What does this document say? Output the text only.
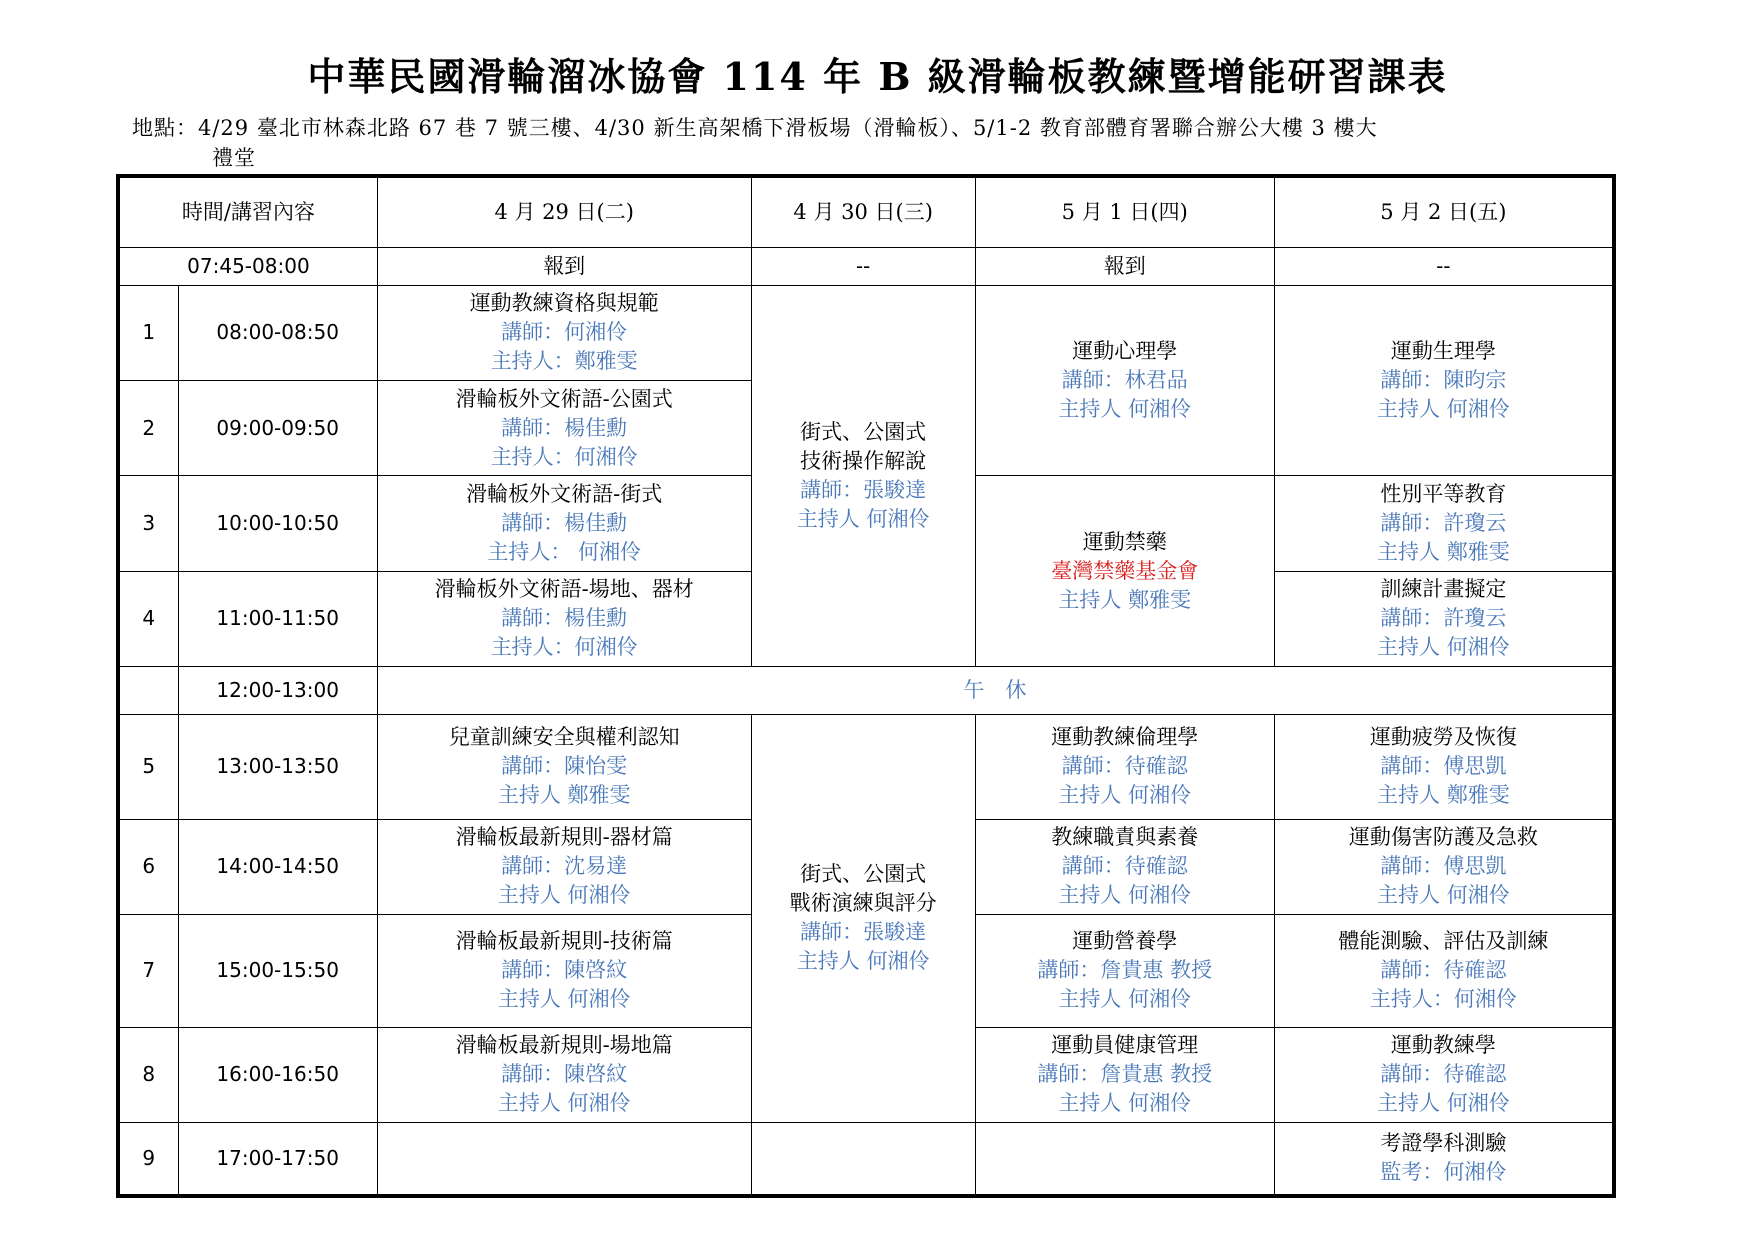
中華民國滑輪溜冰協會 114 年 B 級滑輪板教練暨增能研習課表
地點：4/29 臺北市林森北路 67 巷 7 號三樓、4/30 新生高架橋下滑板場（滑輪板）、5/1-2 教育部體育署聯合辦公大樓 3 樓大
禮堂
時間/講習內容		4 月 29 日(二)	4 月 30 日(三)	5 月 1 日(四)	5 月 2 日(五)
07:45-08:00		報到	--	報到	--
1	08:00-08:50	運動教練資格與規範
講師：何湘伶
主持人：鄭雅雯	街式、公園式
技術操作解說
講師：張駿達
主持人 何湘伶	運動心理學
講師：林君品
主持人 何湘伶	運動生理學
講師：陳昀宗
主持人 何湘伶

2	09:00-09:50	滑輪板外文術語-公園式
講師：楊佳勳
主持人：何湘伶			

3	10:00-10:50	滑輪板外文術語-街式
講師：楊佳勳
主持人： 何湘伶		運動禁藥
臺灣禁藥基金會
主持人 鄭雅雯	性別平等教育
講師：許瓊云
主持人 鄭雅雯

4	11:00-11:50	滑輪板外文術語-場地、器材
講師：楊佳勳
主持人：何湘伶			訓練計畫擬定
講師：許瓊云
主持人 何湘伶

	12:00-13:00	午　休			
5	13:00-13:50	兒童訓練安全與權利認知
講師：陳怡雯
主持人 鄭雅雯	街式、公園式
戰術演練與評分
講師：張駿達
主持人 何湘伶	運動教練倫理學
講師：待確認
主持人 何湘伶	運動疲勞及恢復
講師：傅思凱
主持人 鄭雅雯

6	14:00-14:50	滑輪板最新規則-器材篇
講師：沈易達
主持人 何湘伶		教練職責與素養
講師：待確認
主持人 何湘伶	運動傷害防護及急救
講師：傅思凱
主持人 何湘伶

7	15:00-15:50	滑輪板最新規則-技術篇
講師：陳啓紋
主持人 何湘伶		運動營養學
講師：詹貴惠 教授
主持人 何湘伶	體能測驗、評估及訓練
講師：待確認
主持人：何湘伶

8	16:00-16:50	滑輪板最新規則-場地篇
講師：陳啓紋
主持人 何湘伶		運動員健康管理
講師：詹貴惠 教授
主持人 何湘伶	運動教練學
講師：待確認
主持人 何湘伶

9	17:00-17:50				考證學科測驗
監考：何湘伶
